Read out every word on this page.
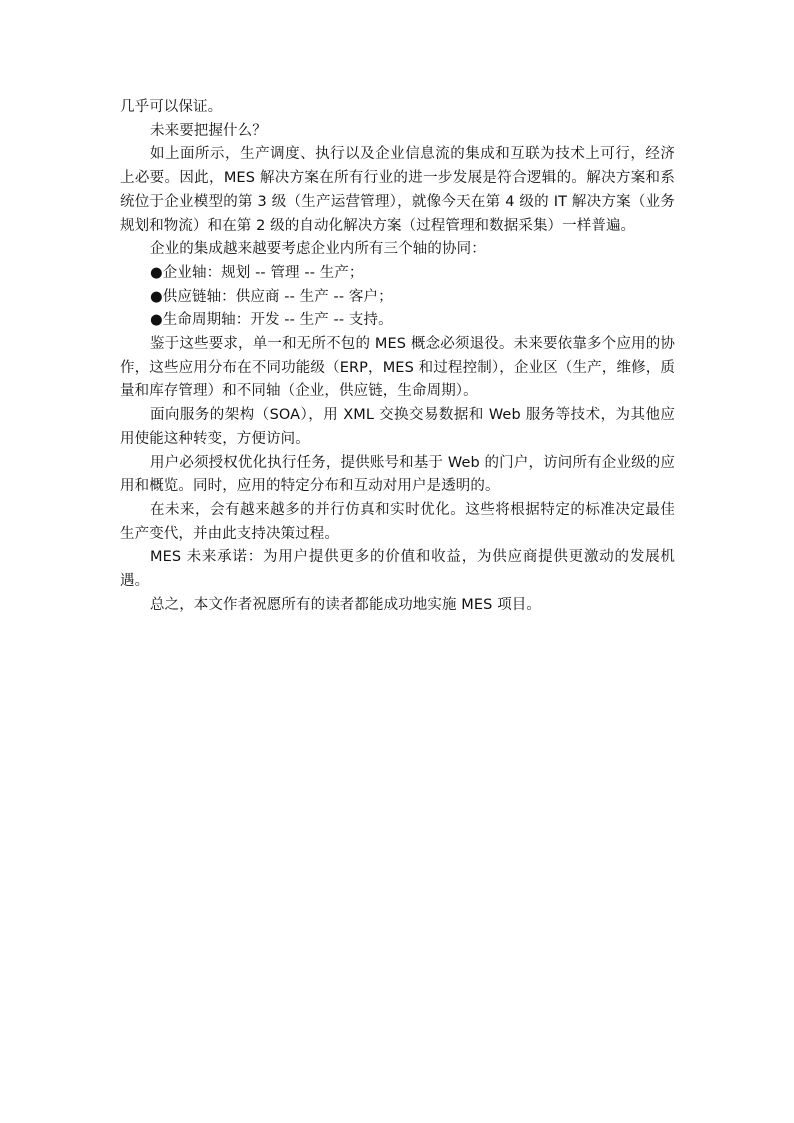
几乎可以保证。

未来要把握什么？

如上面所示，生产调度、执行以及企业信息流的集成和互联为技术上可行，经济上必要。因此，MES 解决方案在所有行业的进一步发展是符合逻辑的。解决方案和系统位于企业模型的第 3 级（生产运营管理），就像今天在第 4 级的 IT 解决方案（业务规划和物流）和在第 2 级的自动化解决方案（过程管理和数据采集）一样普遍。

企业的集成越来越要考虑企业内所有三个轴的协同：

●企业轴：规划 -- 管理 -- 生产；

●供应链轴：供应商 -- 生产 -- 客户；

●生命周期轴：开发 -- 生产 -- 支持。

鉴于这些要求，单一和无所不包的 MES 概念必须退役。未来要依靠多个应用的协作，这些应用分布在不同功能级（ERP，MES 和过程控制），企业区（生产，维修，质量和库存管理）和不同轴（企业，供应链，生命周期）。

面向服务的架构（SOA），用 XML 交换交易数据和 Web 服务等技术，为其他应用使能这种转变，方便访问。

用户必须授权优化执行任务，提供账号和基于 Web 的门户，访问所有企业级的应用和概览。同时，应用的特定分布和互动对用户是透明的。

在未来，会有越来越多的并行仿真和实时优化。这些将根据特定的标准决定最佳生产变代，并由此支持决策过程。

MES 未来承诺：为用户提供更多的价值和收益，为供应商提供更激动的发展机遇。

总之，本文作者祝愿所有的读者都能成功地实施 MES 项目。
